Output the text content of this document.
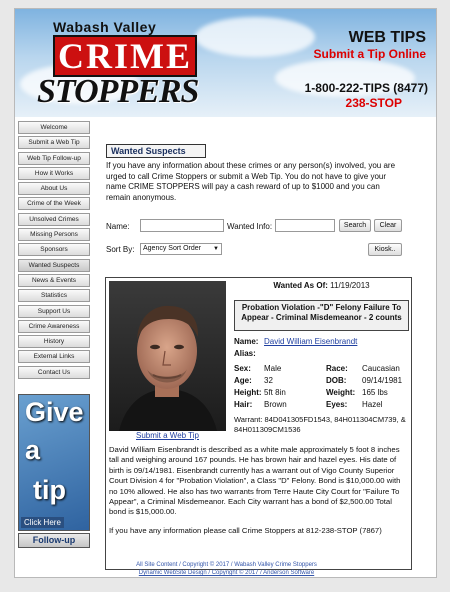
Wabash Valley
CRIME
STOPPERS
WEB TIPS
Submit a Tip Online
1-800-222-TIPS (8477)
238-STOP
Welcome
Submit a Web Tip
Web Tip Follow-up
How it Works
About Us
Crime of the Week
Unsolved Crimes
Missing Persons
Sponsors
Wanted Suspects
News & Events
Statistics
Support Us
Crime Awareness
History
External Links
Contact Us
Give
a
tip
Click Here
Follow-up
Wanted Suspects
If you have any information about these crimes or any person(s) involved, you are urged to call Crime Stoppers or submit a Web Tip. You do not have to give your name CRIME STOPPERS will pay a cash reward of up to $1000 and you can remain anonymous.
Name:	Wanted Info:	Search	Clear
Sort By:	Agency Sort Order ▼	Kiosk..
Submit a Web Tip
Wanted As Of: 11/19/2013
Probation Violation -"D" Felony Failure To Appear - Criminal Misdemeanor - 2 counts
Name: David William Eisenbrandt
Alias:
Sex: Male	Race: Caucasian
Age: 32	DOB: 09/14/1981
Height: 5ft 8in	Weight: 165 lbs
Hair: Brown	Eyes: Hazel
Warrant: 84D041305FD1543, 84H011304CM739, & 84H011309CM1536

David William Eisenbrandt is described as a white male approximately 5 foot 8 inches tall and weighing around 167 pounds. He has brown hair and hazel eyes. His date of birth is 09/14/1981. Eisenbrandt currently has a warrant out of Vigo County Superior Court Division 4 for "Probation Violation", a Class "D" Felony. Bond is $10,000.00 with no 10% allowed. He also has two warrants from Terre Haute City Court for "Failure To Appear", a Criminal Misdemeanor. Each City warrant has a bond of $2,500.00 Total bond is $15,000.00.

If you have any information please call Crime Stoppers at 812-238-STOP (7867)

All Site Content / Copyright © 2017 / Wabash Valley Crime Stoppers
Dynamic WebSite Design / Copyright © 2017 / Anderson Software
